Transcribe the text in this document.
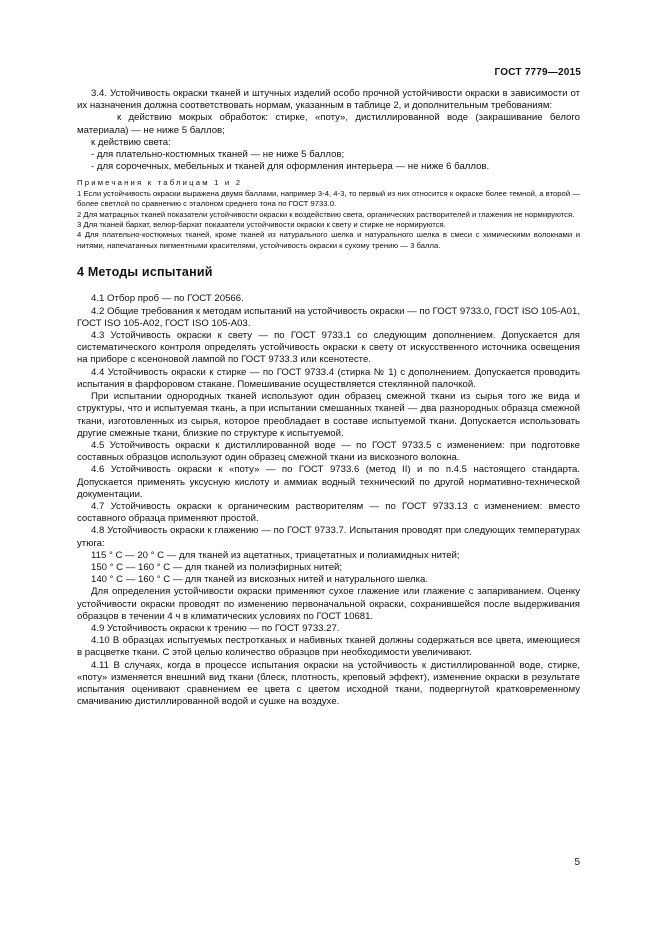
ГОСТ 7779—2015

3.4. Устойчивость окраски тканей и штучных изделий особо прочной устойчивости окраски в зависимости от их назначения должна соответствовать нормам, указанным в таблице 2, и дополнительным требованиям:

к действию мокрых обработок: стирке, «поту», дистиллированной воде (закрашивание белого материала) — не ниже 5 баллов;

к действию света:

- для плательно-костюмных тканей — не ниже 5 баллов;

- для сорочечных, мебельных и тканей для оформления интерьера — не ниже 6 баллов.

Примечания к таблицам 1 и 2

1 Если устойчивость окраски выражена двумя баллами, например 3-4, 4-3, то первый из них относится к окраске более темной, а второй — более светлой по сравнению с эталоном среднего тона по ГОСТ 9733.0.

2 Для матрацных тканей показатели устойчивости окраски к воздействию света, органических растворителей и глажения не нормируются.

3 Для тканей бархат, велюр-бархат показатели устойчивости окраски к свету и стирке не нормируются.

4 Для плательно-костюмных тканей, кроме тканей из натурального шелка и натурального шелка в смеси с химическими волокнами и нитями, напечатанных пигментными красителями, устойчивость окраски к сухому трению — 3 балла.

4 Методы испытаний

4.1 Отбор проб — по ГОСТ 20566.

4.2 Общие требования к методам испытаний на устойчивость окраски — по ГОСТ 9733.0, ГОСТ ISO 105-A01, ГОСТ ISO 105-A02, ГОСТ ISO 105-A03.

4.3 Устойчивость окраски к свету — по ГОСТ 9733.1 со следующим дополнением. Допускается для систематического контроля определять устойчивость окраски к свету от искусственного источника освещения на приборе с ксеноновой лампой по ГОСТ 9733.3 или ксенотесте.

4.4 Устойчивость окраски к стирке — по ГОСТ 9733.4 (стирка № 1) с дополнением. Допускается проводить испытания в фарфоровом стакане. Помешивание осуществляется стеклянной палочкой.

При испытании однородных тканей используют один образец смежной ткани из сырья того же вида и структуры, что и испытуемая ткань, а при испытании смешанных тканей — два разнородных образца смежной ткани, изготовленных из сырья, которое преобладает в составе испытуемой ткани. Допускается использовать другие смежные ткани, близкие по структуре к испытуемой.

4.5 Устойчивость окраски к дистиллированной воде — по ГОСТ 9733.5 с изменением: при подготовке составных образцов используют один образец смежной ткани из вискозного волокна.

4.6 Устойчивость окраски к «поту» — по ГОСТ 9733.6 (метод II) и по п.4.5 настоящего стандарта. Допускается применять уксусную кислоту и аммиак водный технический по другой нормативно-технической документации.

4.7 Устойчивость окраски к органическим растворителям — по ГОСТ 9733.13 с изменением: вместо составного образца применяют простой.

4.8 Устойчивость окраски к глажению — по ГОСТ 9733.7. Испытания проводят при следующих температурах утюга:

115 ° С — 20 ° С — для тканей из ацетатных, триацетатных и полиамидных нитей;

150 ° С — 160 ° С — для тканей из полиэфирных нитей;

140 ° С — 160 ° С — для тканей из вискозных нитей и натурального шелка.

Для определения устойчивости окраски применяют сухое глажение или глажение с запариванием. Оценку устойчивости окраски проводят по изменению первоначальной окраски, сохранившейся после выдерживания образцов в течении 4 ч в климатических условиях по ГОСТ 10681.

4.9 Устойчивость окраски к трению — по ГОСТ 9733.27.

4.10 В образцах испытуемых пестротканых и набивных тканей должны содержаться все цвета, имеющиеся в расцветке ткани. С этой целью количество образцов при необходимости увеличивают.

4.11 В случаях, когда в процессе испытания окраски на устойчивость к дистиллированной воде, стирке, «поту» изменяется внешний вид ткани (блеск, плотность, креповый эффект), изменение окраски в результате испытания оценивают сравнением ее цвета с цветом исходной ткани, подвергнутой кратковременному смачиванию дистиллированной водой и сушке на воздухе.

5
